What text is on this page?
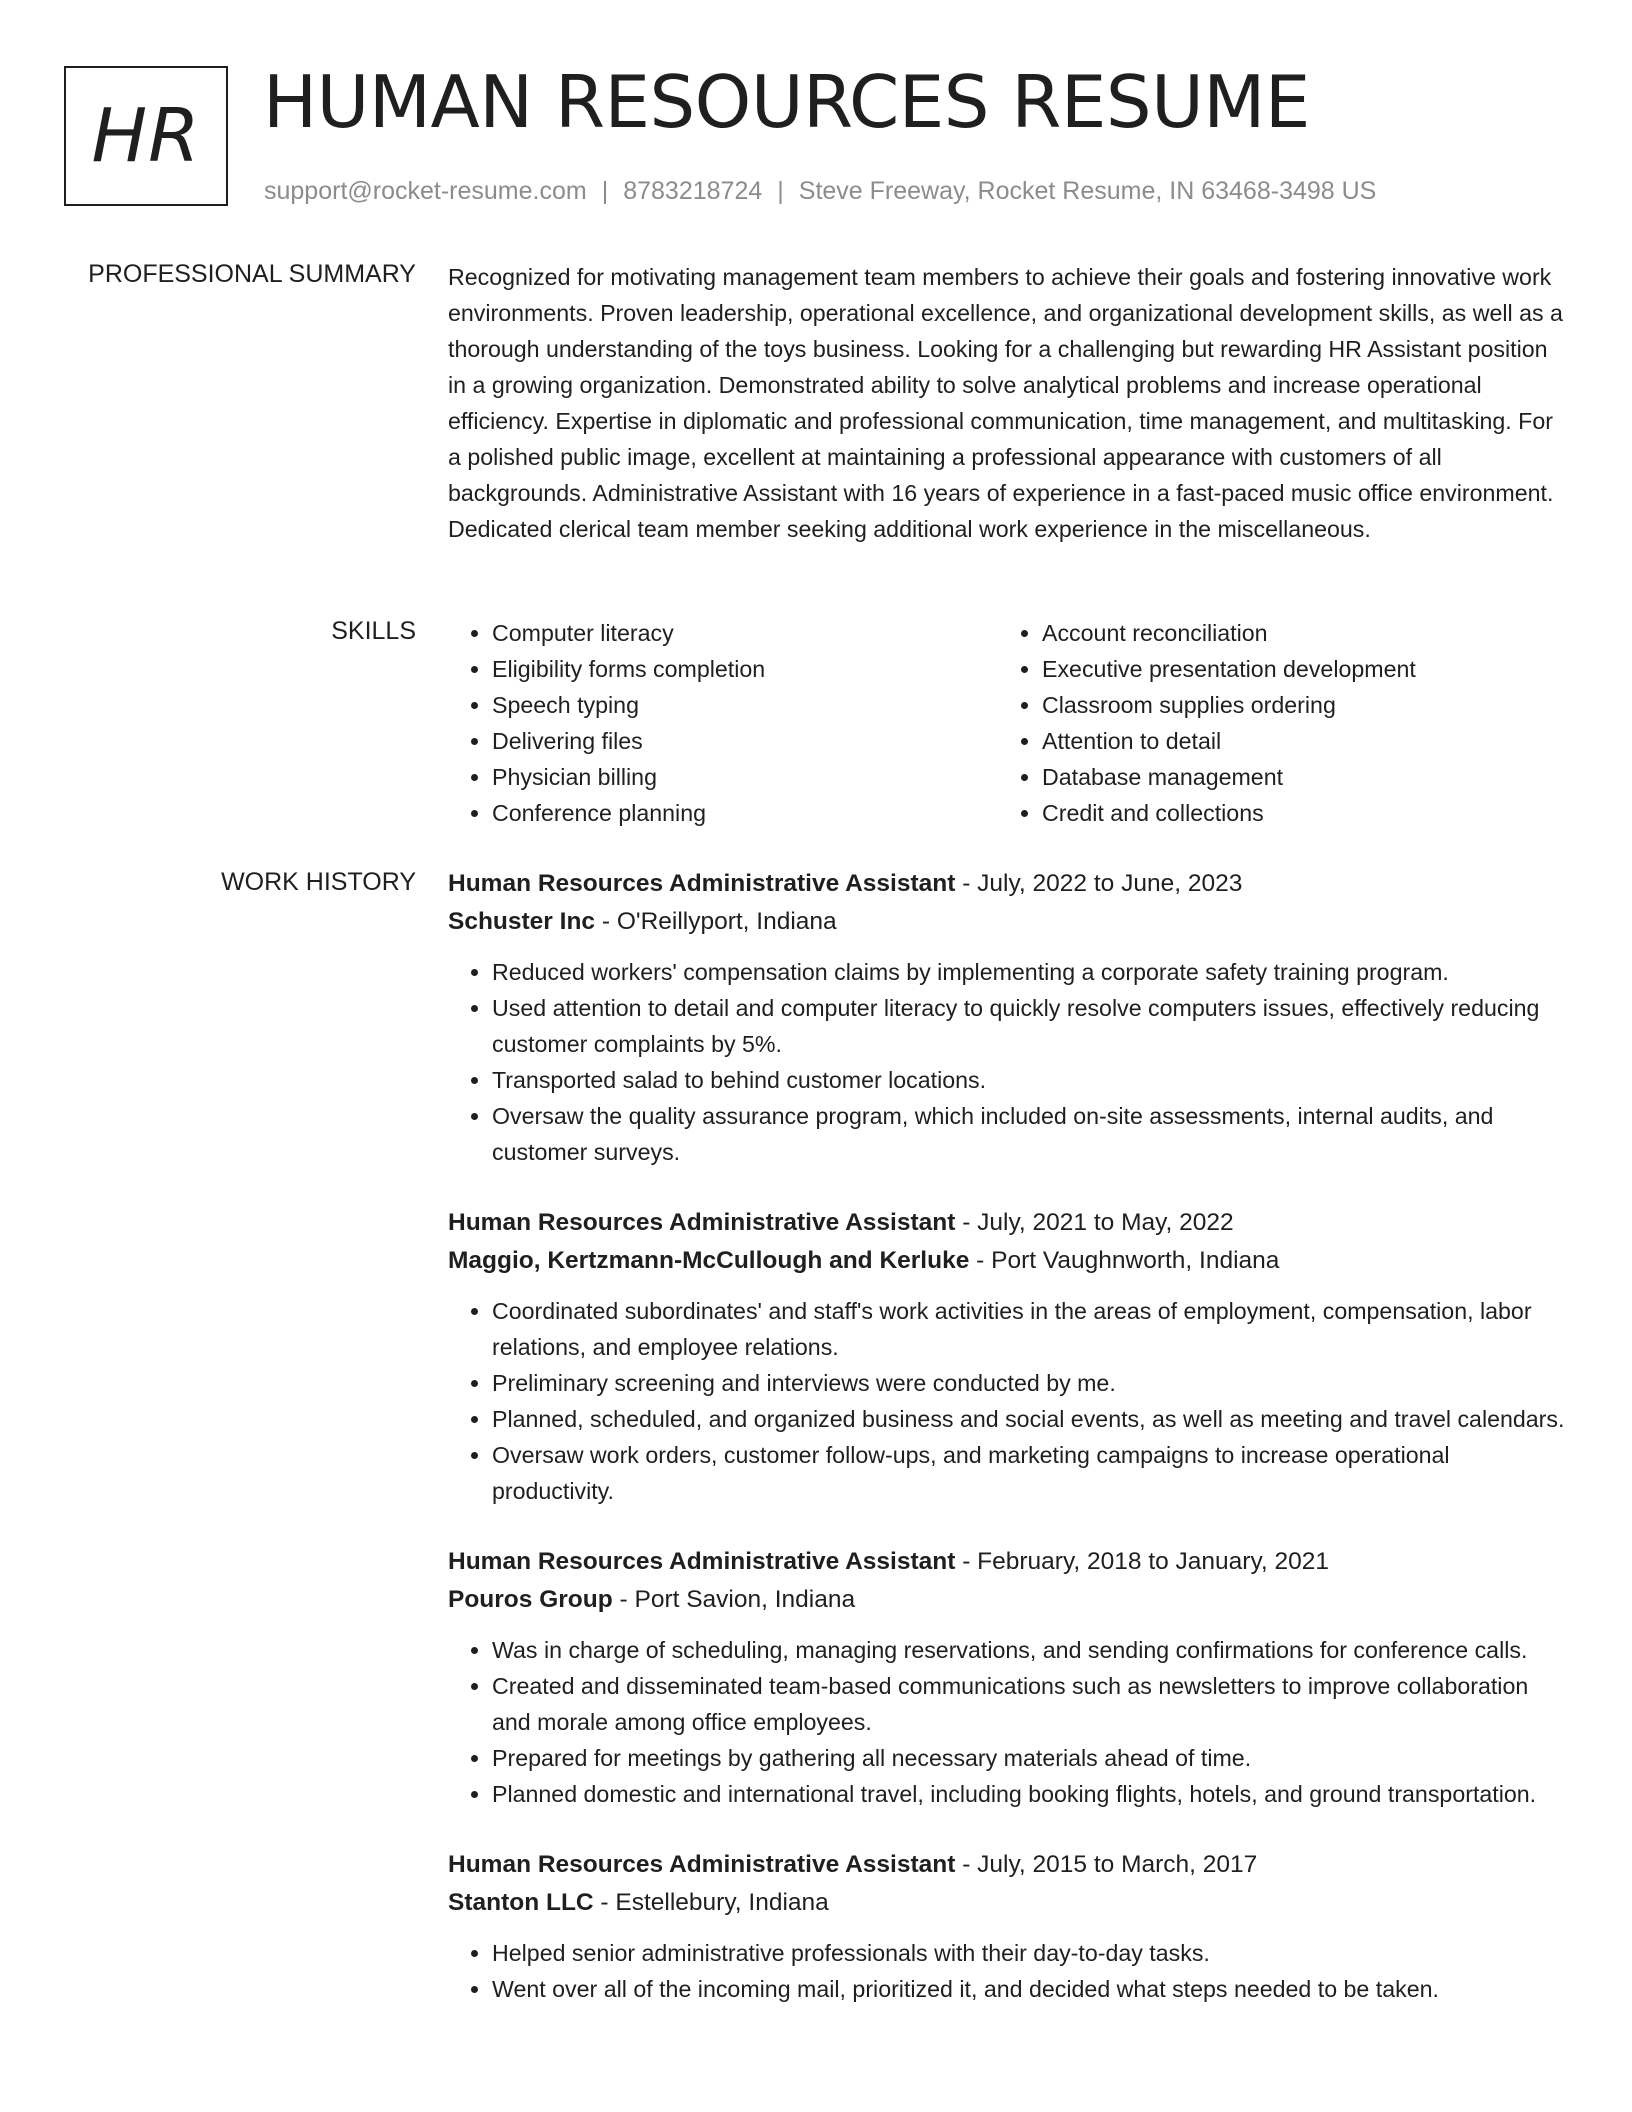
HR HUMAN RESOURCES RESUME
support@rocket-resume.com | 8783218724 | Steve Freeway, Rocket Resume, IN 63468-3498 US
PROFESSIONAL SUMMARY Recognized for motivating management team members to achieve their goals and fostering innovative work environments. Proven leadership, operational excellence, and organizational development skills, as well as a thorough understanding of the toys business. Looking for a challenging but rewarding HR Assistant position in a growing organization. Demonstrated ability to solve analytical problems and increase operational efficiency. Expertise in diplomatic and professional communication, time management, and multitasking. For a polished public image, excellent at maintaining a professional appearance with customers of all backgrounds. Administrative Assistant with 16 years of experience in a fast-paced music office environment. Dedicated clerical team member seeking additional work experience in the miscellaneous.

SKILLS
•	Computer literacy
• Eligibility forms completion
• Speech typing
• Delivering files
• Physician billing
• Conference planning
• Account reconciliation
• Executive presentation development
• Classroom supplies ordering
• Attention to detail
• Database management
• Credit and collections
WORK HISTORY Human Resources Administrative Assistant - July, 2022 to June, 2023
Schuster Inc - O'Reillyport, Indiana
• Reduced workers' compensation claims by implementing a corporate safety training program.
• Used attention to detail and computer literacy to quickly resolve computers issues, effectively reducing customer complaints by 5%.
• Transported salad to behind customer locations.
• Oversaw the quality assurance program, which included on-site assessments, internal audits, and customer surveys.
Human Resources Administrative Assistant - July, 2021 to May, 2022
Maggio, Kertzmann-McCullough and Kerluke - Port Vaughnworth, Indiana
• Coordinated subordinates' and staff's work activities in the areas of employment, compensation, labor relations, and employee relations.
• Preliminary screening and interviews were conducted by me.
• Planned, scheduled, and organized business and social events, as well as meeting and travel calendars.
• Oversaw work orders, customer follow-ups, and marketing campaigns to increase operational productivity.
Human Resources Administrative Assistant - February, 2018 to January, 2021
Pouros Group - Port Savion, Indiana
• Was in charge of scheduling, managing reservations, and sending confirmations for conference calls.
• Created and disseminated team-based communications such as newsletters to improve collaboration and morale among office employees.
• Prepared for meetings by gathering all necessary materials ahead of time.
• Planned domestic and international travel, including booking flights, hotels, and ground transportation.
Human Resources Administrative Assistant - July, 2015 to March, 2017
Stanton LLC - Estellebury, Indiana
• Helped senior administrative professionals with their day-to-day tasks.
• Went over all of the incoming mail, prioritized it, and decided what steps needed to be taken.
